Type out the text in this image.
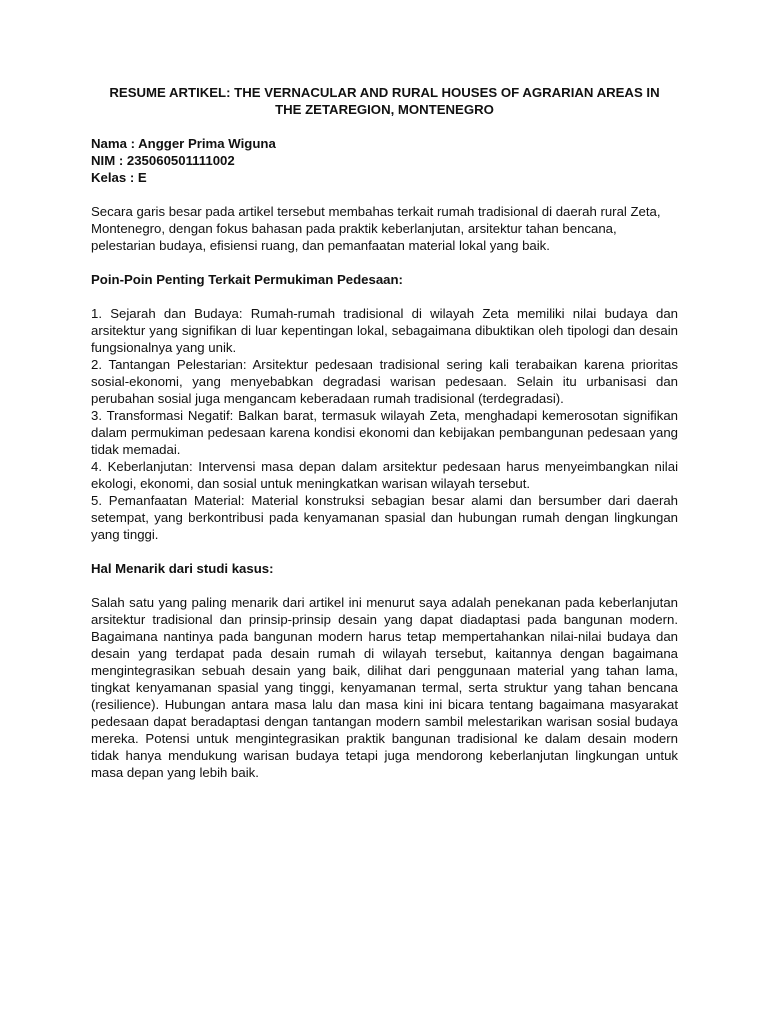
RESUME ARTIKEL: THE VERNACULAR AND RURAL HOUSES OF AGRARIAN AREAS IN
THE ZETAREGION, MONTENEGRO
Nama : Angger Prima Wiguna
NIM : 235060501111002
Kelas : E

Secara garis besar pada artikel tersebut membahas terkait rumah tradisional di daerah rural Zeta, Montenegro, dengan fokus bahasan pada praktik keberlanjutan, arsitektur tahan bencana, pelestarian budaya, efisiensi ruang, dan pemanfaatan material lokal yang baik.

Poin-Poin Penting Terkait Permukiman Pedesaan:

1. Sejarah dan Budaya: Rumah-rumah tradisional di wilayah Zeta memiliki nilai budaya dan arsitektur yang signifikan di luar kepentingan lokal, sebagaimana dibuktikan oleh tipologi dan desain fungsionalnya yang unik.

2. Tantangan Pelestarian: Arsitektur pedesaan tradisional sering kali terabaikan karena prioritas sosial-ekonomi, yang menyebabkan degradasi warisan pedesaan. Selain itu urbanisasi dan perubahan sosial juga mengancam keberadaan rumah tradisional (terdegradasi).

3. Transformasi Negatif: Balkan barat, termasuk wilayah Zeta, menghadapi kemerosotan signifikan dalam permukiman pedesaan karena kondisi ekonomi dan kebijakan pembangunan pedesaan yang tidak memadai.

4. Keberlanjutan: Intervensi masa depan dalam arsitektur pedesaan harus menyeimbangkan nilai ekologi, ekonomi, dan sosial untuk meningkatkan warisan wilayah tersebut.

5. Pemanfaatan Material: Material konstruksi sebagian besar alami dan bersumber dari daerah setempat, yang berkontribusi pada kenyamanan spasial dan hubungan rumah dengan lingkungan yang tinggi.

Hal Menarik dari studi kasus:

Salah satu yang paling menarik dari artikel ini menurut saya adalah penekanan pada keberlanjutan arsitektur tradisional dan prinsip-prinsip desain yang dapat diadaptasi pada bangunan modern. Bagaimana nantinya pada bangunan modern harus tetap mempertahankan nilai-nilai budaya dan desain yang terdapat pada desain rumah di wilayah tersebut, kaitannya dengan bagaimana mengintegrasikan sebuah desain yang baik, dilihat dari penggunaan material yang tahan lama, tingkat kenyamanan spasial yang tinggi, kenyamanan termal, serta struktur yang tahan bencana (resilience). Hubungan antara masa lalu dan masa kini ini bicara tentang bagaimana masyarakat pedesaan dapat beradaptasi dengan tantangan modern sambil melestarikan warisan sosial budaya mereka. Potensi untuk mengintegrasikan praktik bangunan tradisional ke dalam desain modern tidak hanya mendukung warisan budaya tetapi juga mendorong keberlanjutan lingkungan untuk masa depan yang lebih baik.
